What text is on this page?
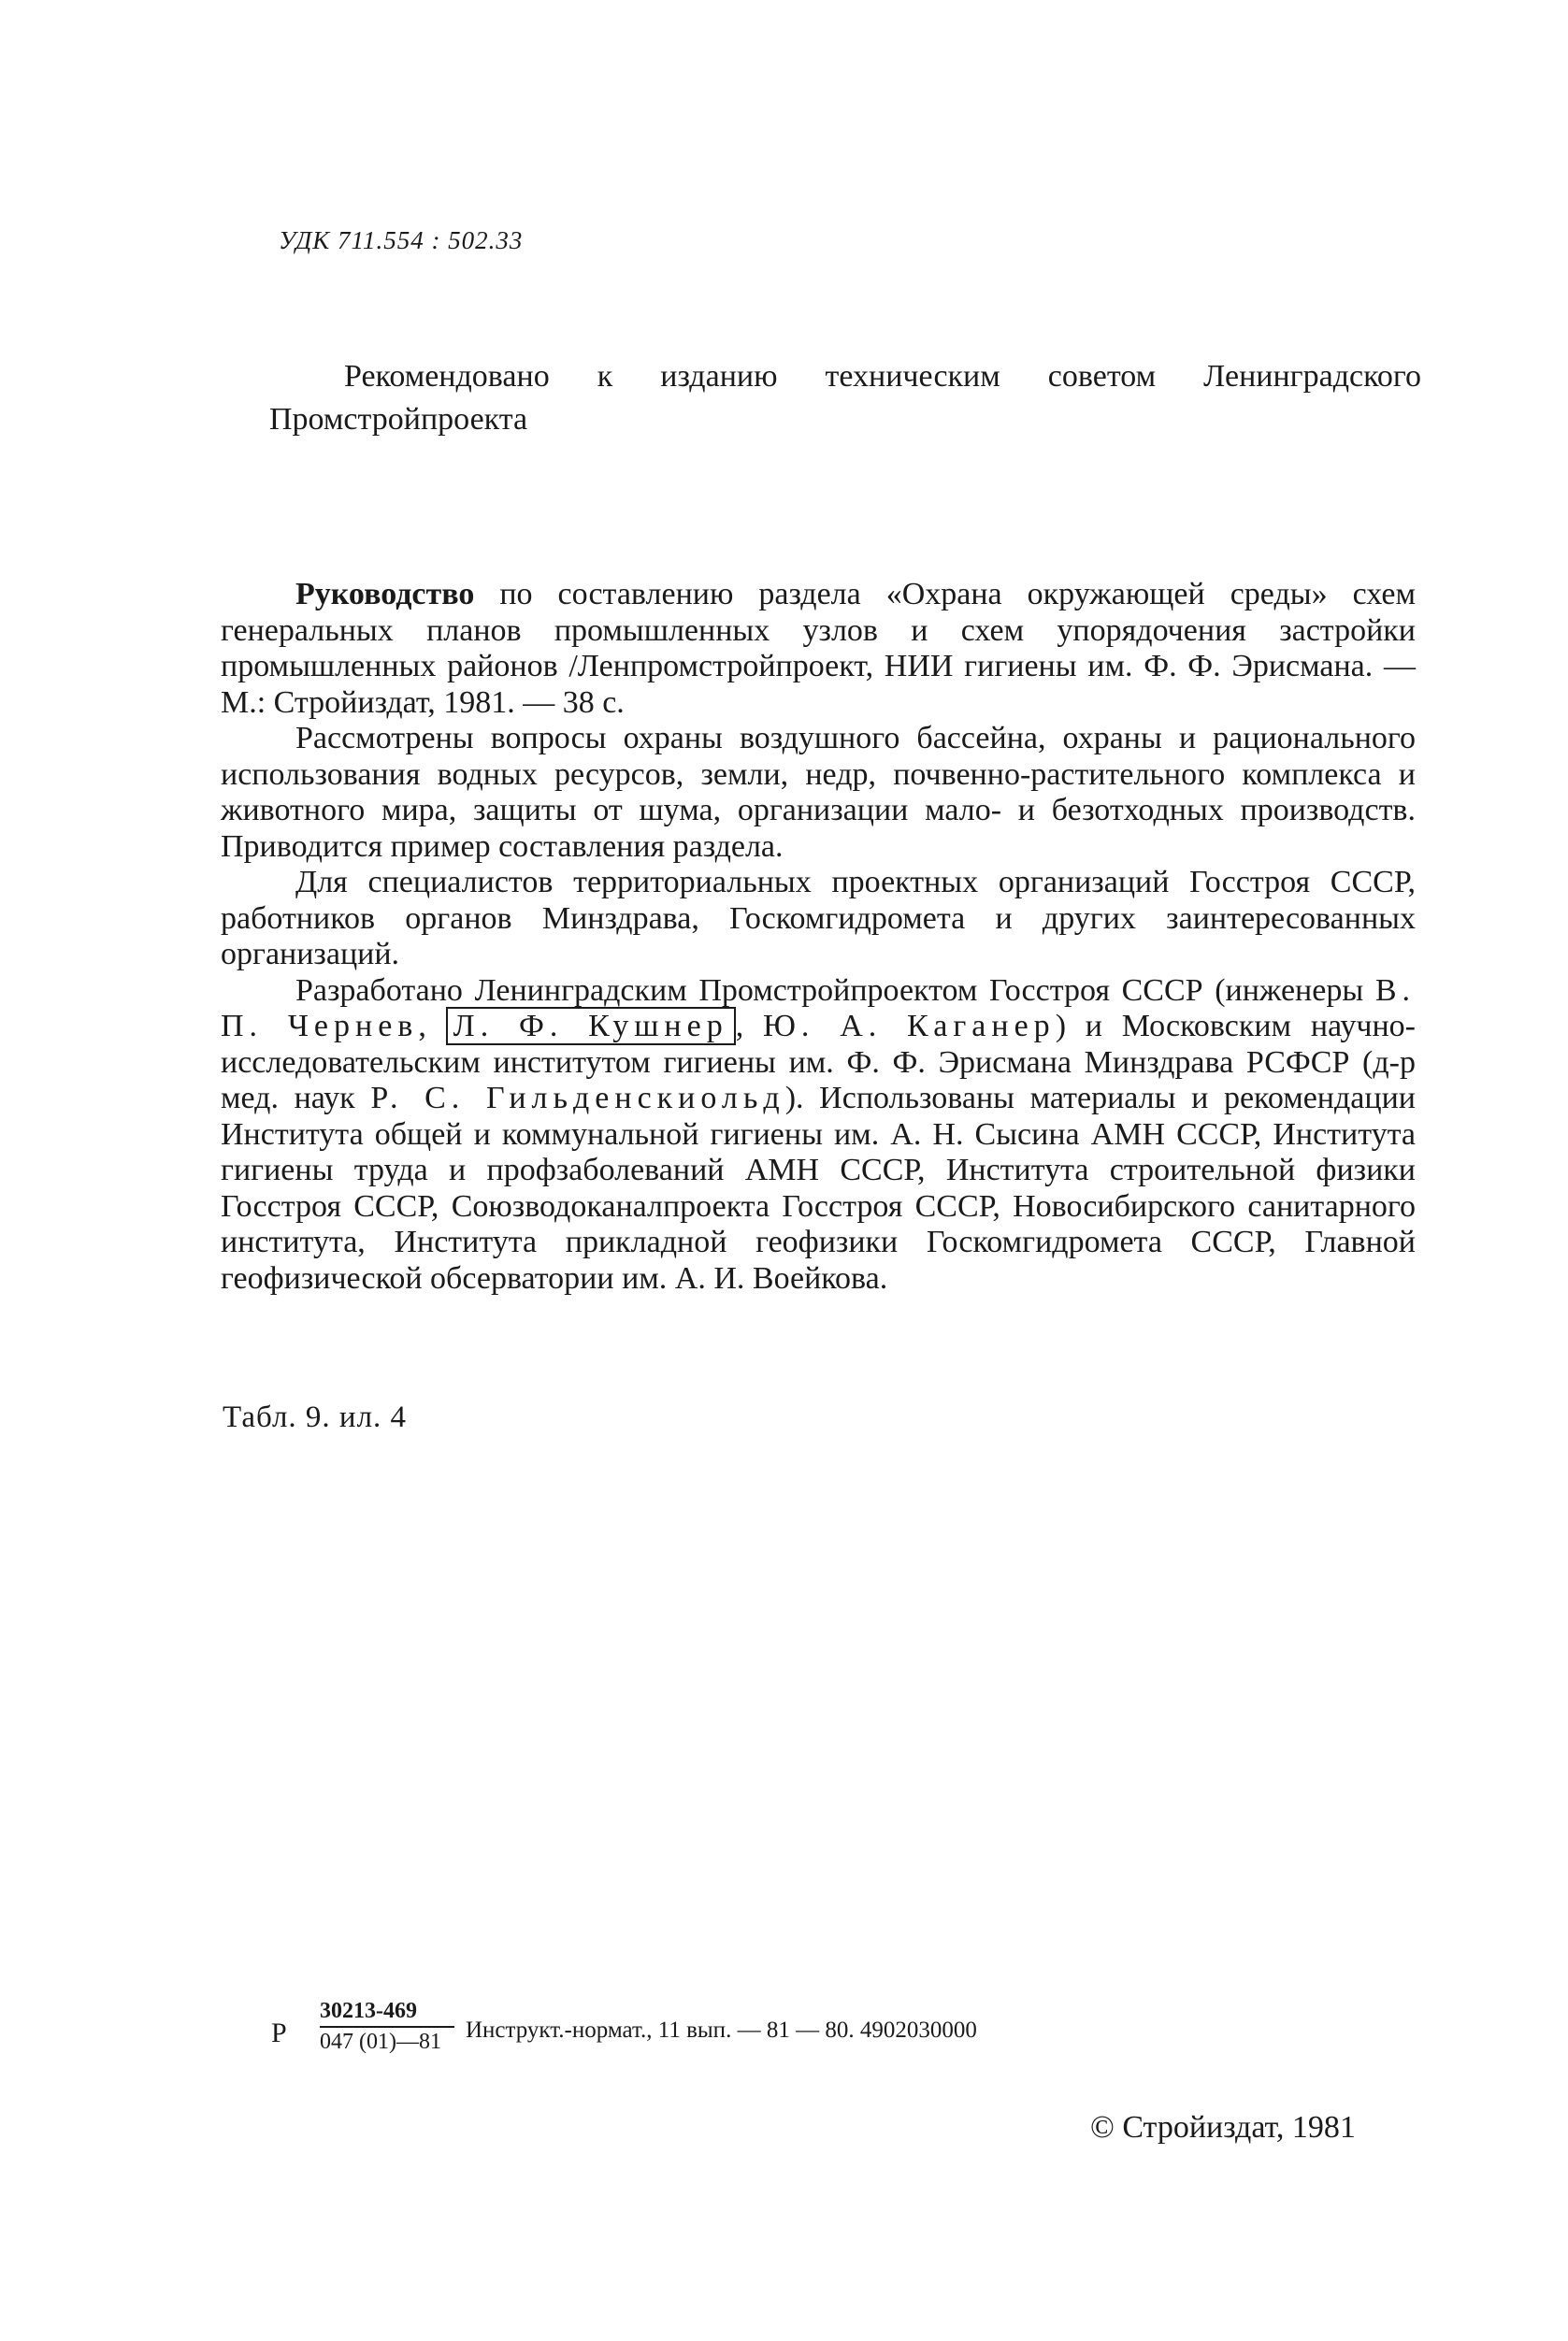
УДК 711.554 : 502.33
Рекомендовано к изданию техническим советом Ленинградского Промстройпроекта

Руководство по составлению раздела «Охрана окружающей среды» схем генеральных планов промышленных узлов и схем упорядочения застройки промышленных районов /Ленпромстройпроект, НИИ гигиены им. Ф. Ф. Эрисмана. — М.: Стройиздат, 1981. — 38 с.

Рассмотрены вопросы охраны воздушного бассейна, охраны и рационального использования водных ресурсов, земли, недр, почвенно-растительного комплекса и животного мира, защиты от шума, организации мало- и безотходных производств. Приводится пример составления раздела.

Для специалистов территориальных проектных организаций Госстроя СССР, работников органов Минздрава, Госкомгидромета и других заинтересованных организаций.

Разработано Ленинградским Промстройпроектом Госстроя СССР (инженеры В. П. Чернев, Л. Ф. Кушнер , Ю. А. Каганер) и Московским научно-исследовательским институтом гигиены им. Ф. Ф. Эрисмана Минздрава РСФСР (д-р мед. наук Р. С. Гильденскиольд). Использованы материалы и рекомендации Института общей и коммунальной гигиены им. А. Н. Сысина АМН СССР, Института гигиены труда и профзаболеваний АМН СССР, Института строительной физики Госстроя СССР, Союзводоканалпроекта Госстроя СССР, Новосибирского санитарного института, Института прикладной геофизики Госкомгидромета СССР, Главной геофизической обсерватории им. А. И. Воейкова.

Табл. 9. ил. 4
Р $\frac{30213-469}{047 (01)—81}$ Инструкт.-нормат., 11 вып. — 81 — 80. 4902030000
© Стройиздат, 1981
